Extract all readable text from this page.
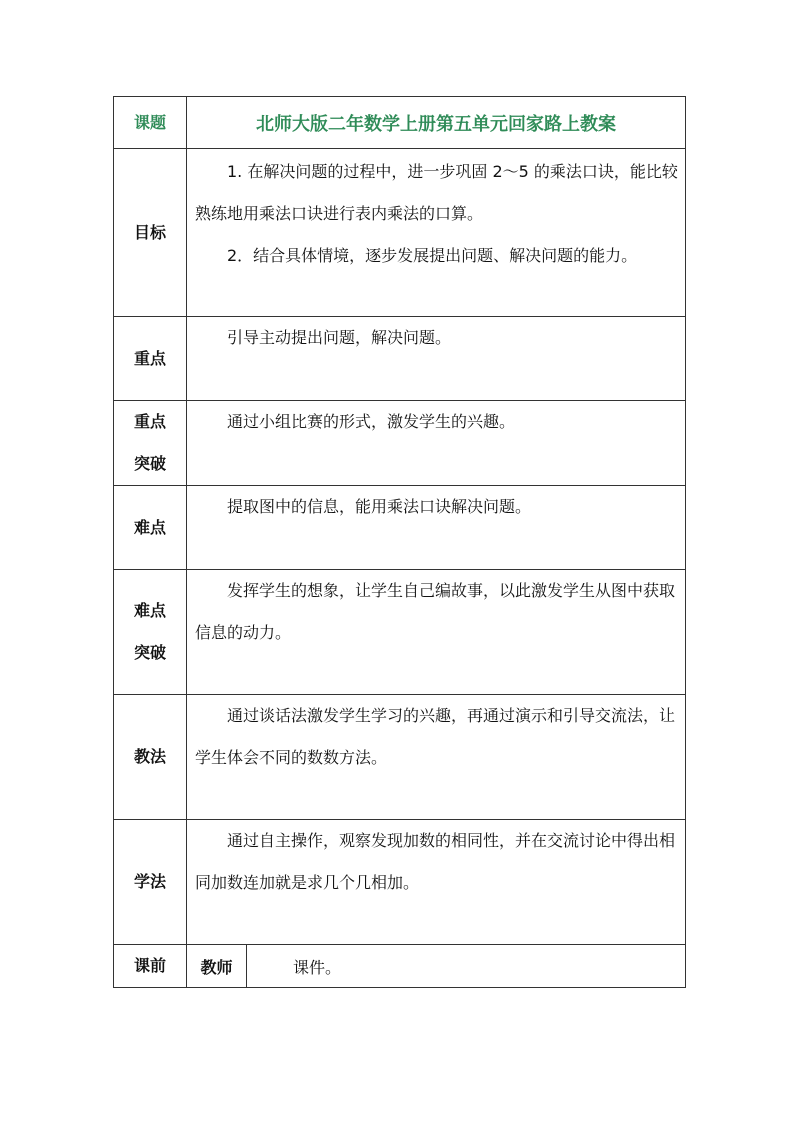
课题	北师大版二年数学上册第五单元回家路上教案	
目标	1. 在解决问题的过程中，进一步巩固 2～5 的乘法口诀，能比较熟练地用乘法口诀进行表内乘法的口算。

2．结合具体情境，逐步发展提出问题、解决问题的能力。	

重点	引导主动提出问题，解决问题。	

重点突破	通过小组比赛的形式，激发学生的兴趣。	

难点	提取图中的信息，能用乘法口诀解决问题。	

难点突破	发挥学生的想象，让学生自己编故事，以此激发学生从图中获取信息的动力。	

教法	通过谈话法激发学生学习的兴趣，再通过演示和引导交流法，让学生体会不同的数数方法。	

学法	通过自主操作，观察发现加数的相同性，并在交流讨论中得出相同加数连加就是求几个几相加。	

课前	教师	课件。
